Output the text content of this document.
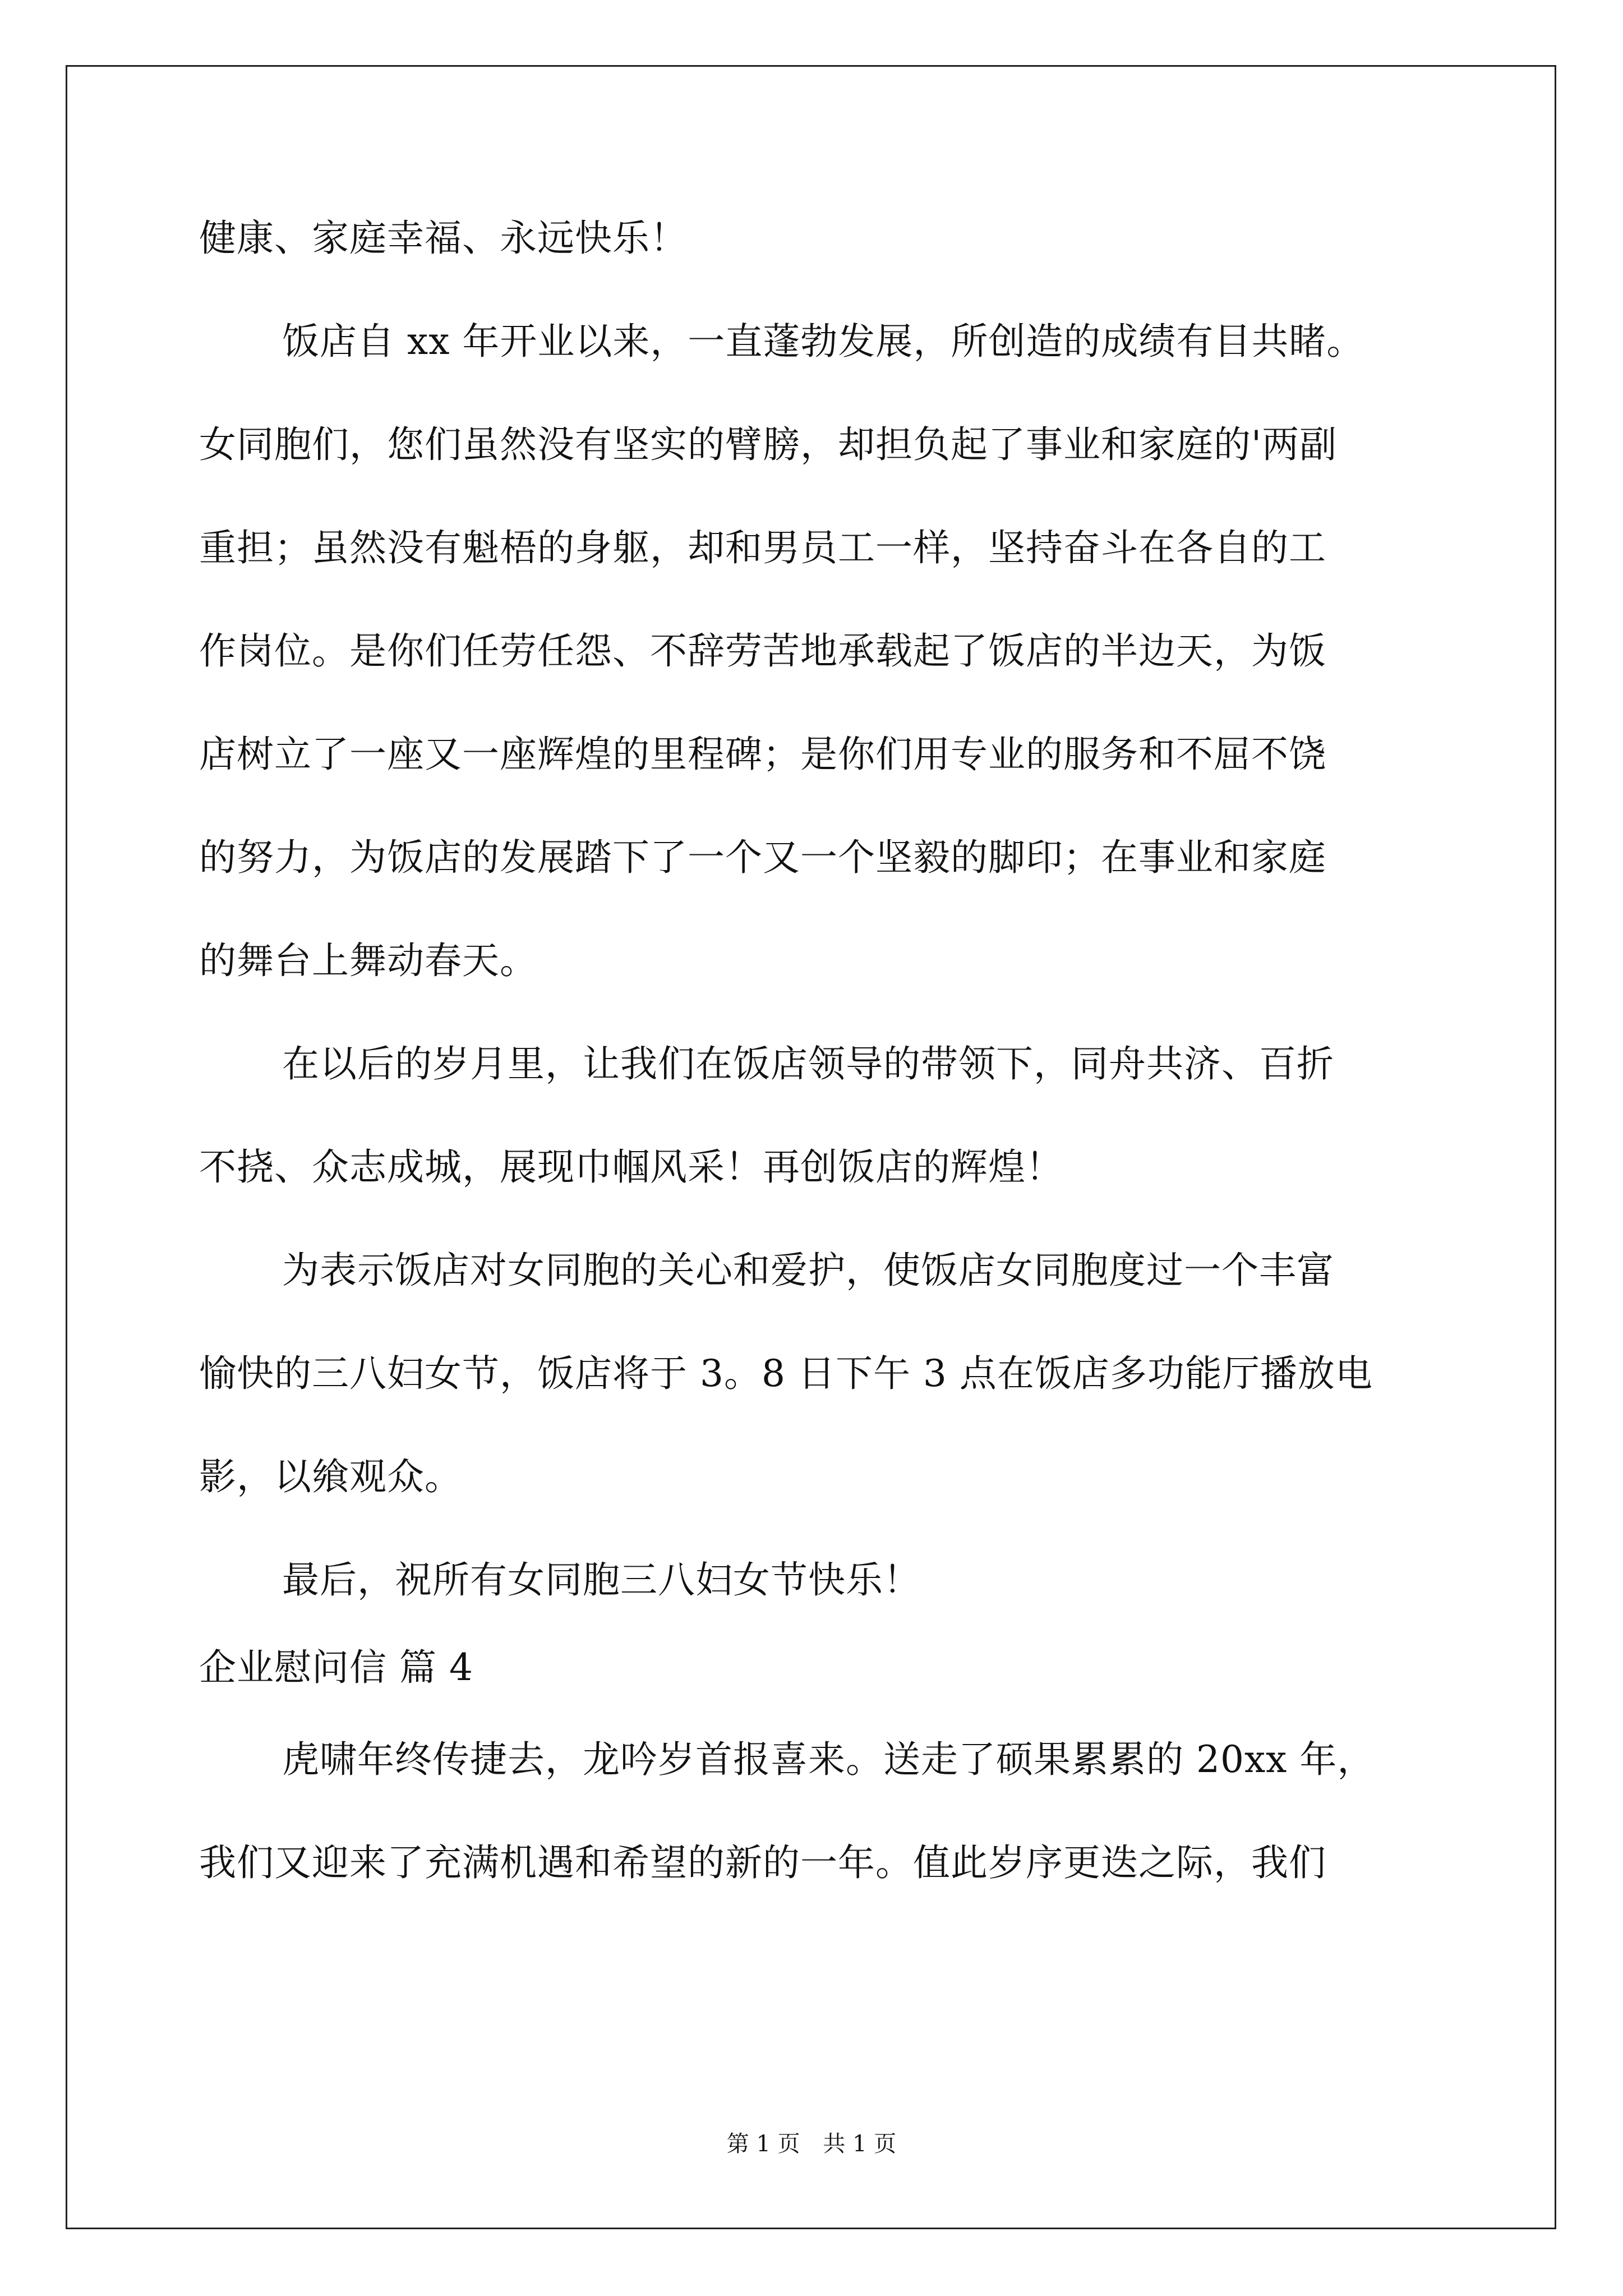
健康、家庭幸福、永远快乐！
饭店自 xx 年开业以来，一直蓬勃发展，所创造的成绩有目共睹。
女同胞们，您们虽然没有坚实的臂膀，却担负起了事业和家庭的'两副
重担；虽然没有魁梧的身躯，却和男员工一样，坚持奋斗在各自的工
作岗位。是你们任劳任怨、不辞劳苦地承载起了饭店的半边天，为饭
店树立了一座又一座辉煌的里程碑；是你们用专业的服务和不屈不饶
的努力，为饭店的发展踏下了一个又一个坚毅的脚印；在事业和家庭
的舞台上舞动春天。
在以后的岁月里，让我们在饭店领导的带领下，同舟共济、百折
不挠、众志成城，展现巾帼风采！再创饭店的辉煌！
为表示饭店对女同胞的关心和爱护，使饭店女同胞度过一个丰富
愉快的三八妇女节，饭店将于 3。8 日下午 3 点在饭店多功能厅播放电
影，以飨观众。
最后，祝所有女同胞三八妇女节快乐！
企业慰问信 篇 4
虎啸年终传捷去，龙吟岁首报喜来。送走了硕果累累的 20xx 年，
我们又迎来了充满机遇和希望的新的一年。值此岁序更迭之际，我们
第 1 页 共 1 页
